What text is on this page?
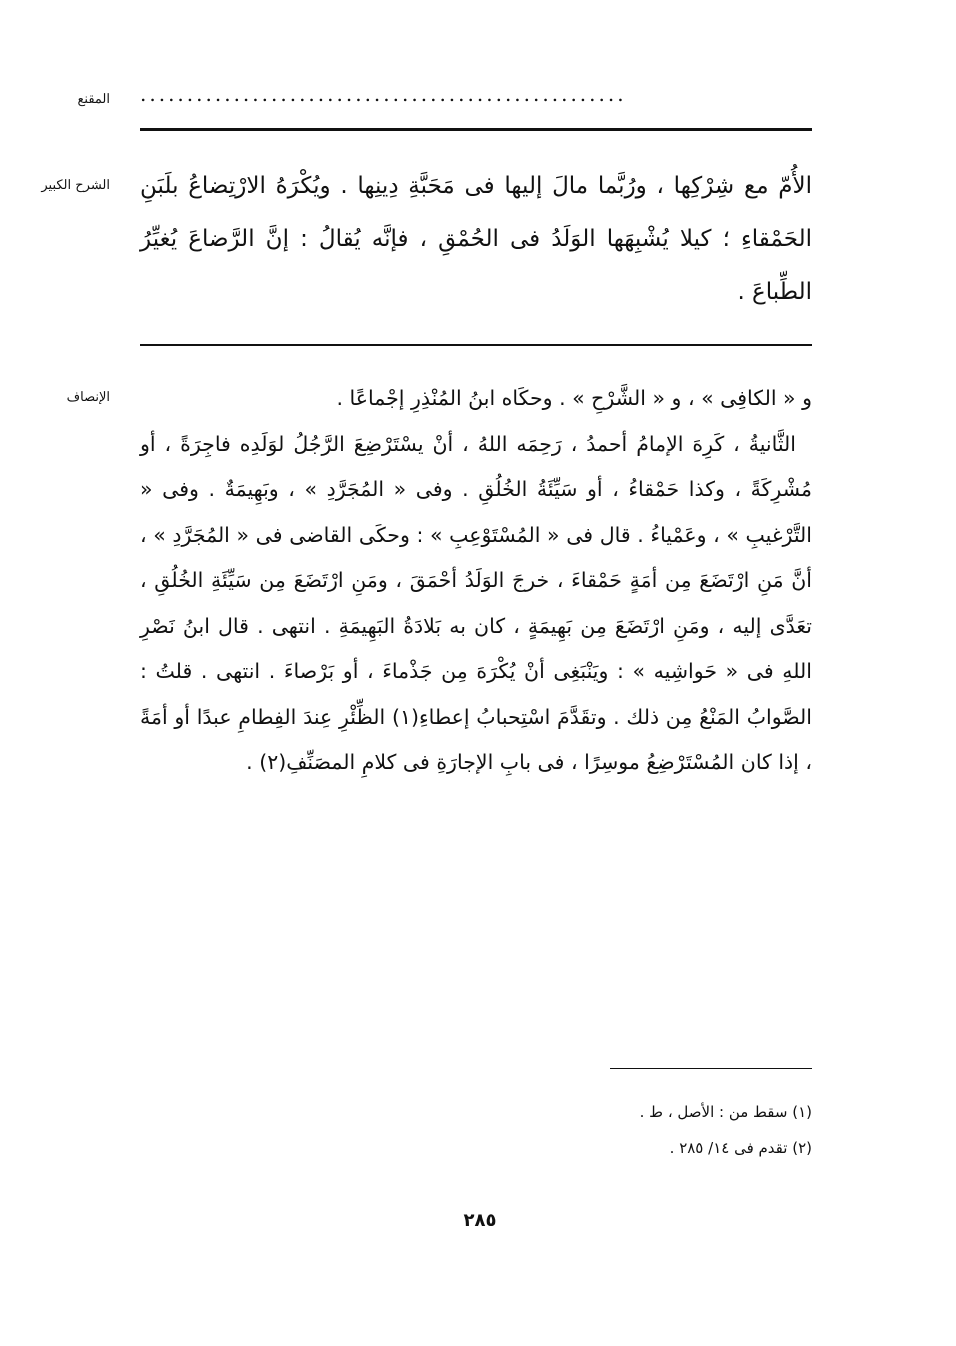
المقنع ....................................................
الشرح الكبير الأُمّ مع شِرْكِها ، ورُبَّما مالَ إليها فى مَحَبَّةِ دِينِها . ويُكْرَهُ الارْتِضاعُ بلَبَنِ الحَمْقاءِ ؛ كيلا يُشْبِهَها الوَلَدُ فى الحُمْقِ ، فإنَّه يُقالُ : إنَّ الرَّضاعَ يُغيِّرُ الطِّباعَ .
الإنصاف	و « الكافِى » ، و « الشَّرْحِ » . وحكَاه ابنُ المُنْذِرِ إجْماعًا .

الثَّانيةُ ، كَرِهَ الإمامُ أحمدُ ، رَحِمَه اللهُ ، أنْ يسْتَرْضِعَ الرَّجُلُ لوَلَدِه فاجِرَةً ، أو مُشْرِكَةً ، وكذا حَمْقاءُ ، أو سَيِّئَةُ الخُلُقِ . وفى « المُجَرَّدِ » ، وبَهِيمَةٌ . وفى « التَّرْغيبِ » ، وعَمْياءُ . قال فى « المُسْتَوْعِبِ » : وحكَى القاضى فى « المُجَرَّدِ » ، أنَّ مَنِ ارْتَضَعَ مِن أمَةٍ حَمْقاءَ ، خرجَ الوَلَدُ أحْمَقَ ، ومَنِ ارْتَضَعَ مِن سَيِّئَةِ الخُلُقِ ، تعَدَّى إليه ، ومَنِ ارْتَضَعَ مِن بَهِيمَةٍ ، كان به بَلادَةُ البَهِيمَةِ . انتهى . قال ابنُ نَصْرِ اللهِ فى « حَواشِيه » : ويَنْبَغِى أنْ يُكْرَهَ مِن جَذْماءَ ، أو بَرْصاءَ . انتهى . قلتُ : الصَّوابُ المَنْعُ مِن ذلك . وتقَدَّمَ اسْتِحبابُ إعطاءِ(١) الظِّئْرِ عِندَ الفِطامِ عبدًا أو أمَةً ، إذا كان المُسْتَرْضِعُ موسِرًا ، فى بابِ الإجارَةِ فى كلامِ المصَنِّفِ(٢) .

(١) سقط من : الأصل ، ط .
(٢) تقدم فى ١٤/ ٢٨٥ .
٢٨٥
